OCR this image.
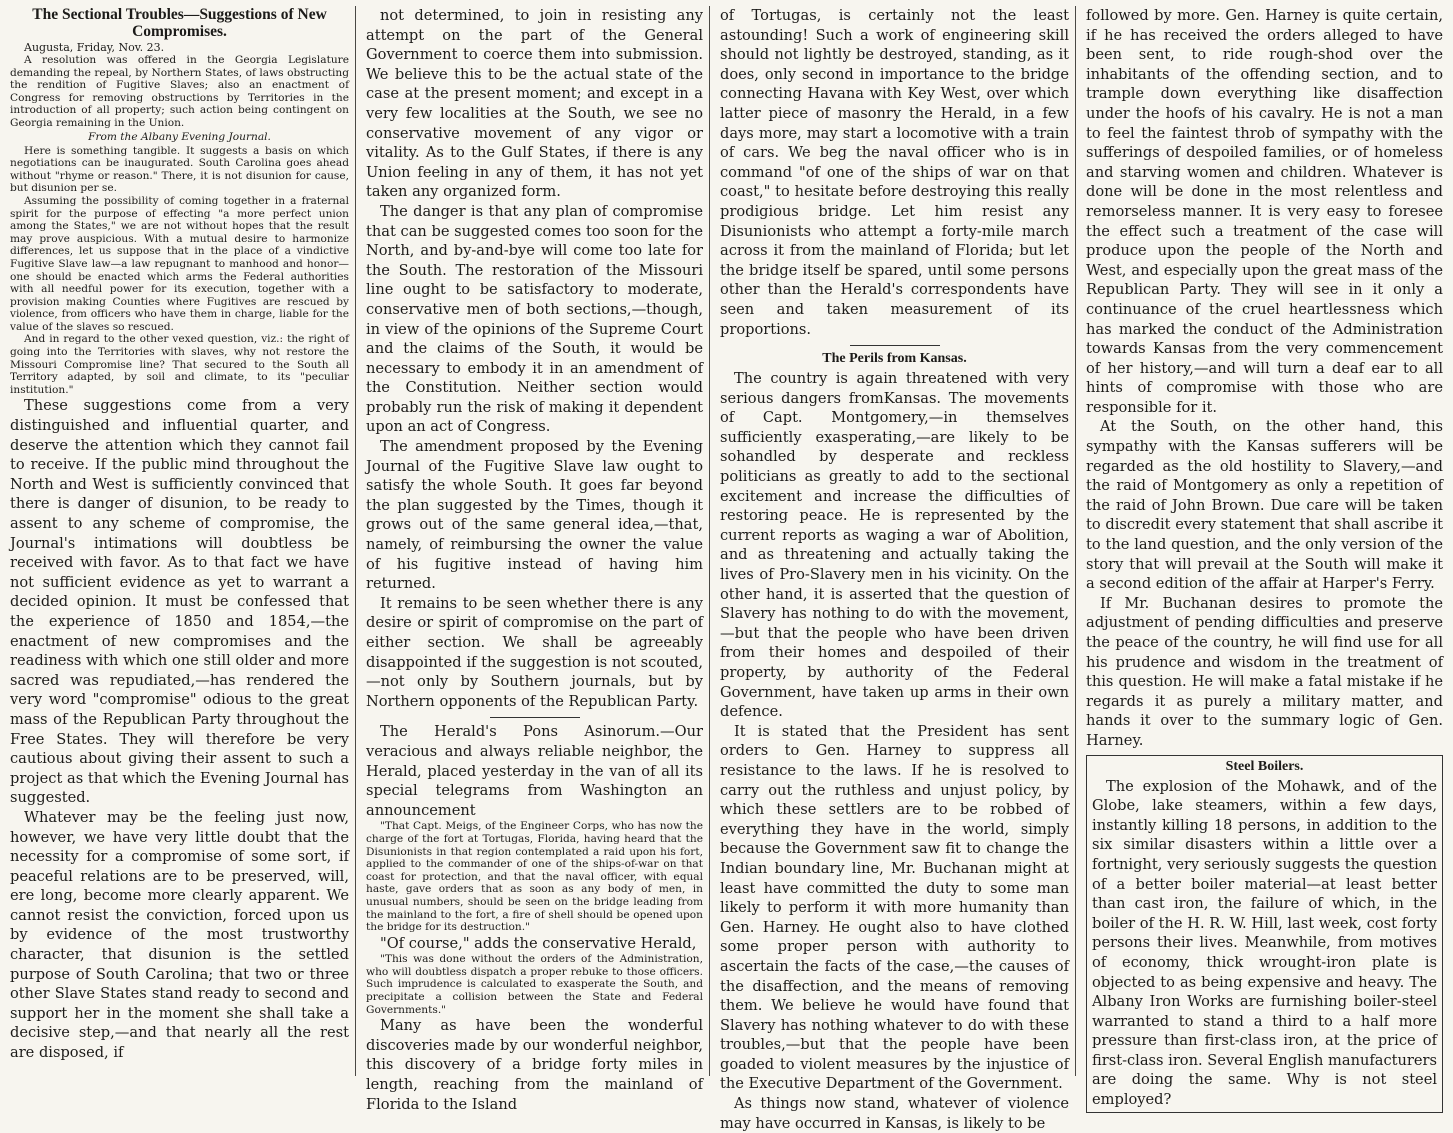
The Sectional Troubles—Suggestions of New Compromises.

Augusta, Friday, Nov. 23.

A resolution was offered in the Georgia Legislature demanding the repeal, by Northern States, of laws obstructing the rendition of Fugitive Slaves; also an enactment of Congress for removing obstructions by Territories in the introduction of all property; such action being contingent on Georgia remaining in the Union.

From the Albany Evening Journal.

Here is something tangible. It suggests a basis on which negotiations can be inaugurated. South Carolina goes ahead without "rhyme or reason." There, it is not disunion for cause, but disunion per se.

Assuming the possibility of coming together in a fraternal spirit for the purpose of effecting "a more perfect union among the States," we are not without hopes that the result may prove auspicious. With a mutual desire to harmonize differences, let us suppose that in the place of a vindictive Fugitive Slave law—a law repugnant to manhood and honor—one should be enacted which arms the Federal authorities with all needful power for its execution, together with a provision making Counties where Fugitives are rescued by violence, from officers who have them in charge, liable for the value of the slaves so rescued.

And in regard to the other vexed question, viz.: the right of going into the Territories with slaves, why not restore the Missouri Compromise line? That secured to the South all Territory adapted, by soil and climate, to its "peculiar institution."

These suggestions come from a very distinguished and influential quarter, and deserve the attention which they cannot fail to receive. If the public mind throughout the North and West is sufficiently convinced that there is danger of disunion, to be ready to assent to any scheme of compromise, the Journal's intimations will doubtless be received with favor. As to that fact we have not sufficient evidence as yet to warrant a decided opinion. It must be confessed that the experience of 1850 and 1854,—the enactment of new compromises and the readiness with which one still older and more sacred was repudiated,—has rendered the very word "compromise" odious to the great mass of the Republican Party throughout the Free States. They will therefore be very cautious about giving their assent to such a project as that which the Evening Journal has suggested.

Whatever may be the feeling just now, however, we have very little doubt that the necessity for a compromise of some sort, if peaceful relations are to be preserved, will, ere long, become more clearly apparent. We cannot resist the conviction, forced upon us by evidence of the most trustworthy character, that disunion is the settled purpose of South Carolina; that two or three other Slave States stand ready to second and support her in the moment she shall take a decisive step,—and that nearly all the rest are disposed, if

not determined, to join in resisting any attempt on the part of the General Government to coerce them into submission. We believe this to be the actual state of the case at the present moment; and except in a very few localities at the South, we see no conservative movement of any vigor or vitality. As to the Gulf States, if there is any Union feeling in any of them, it has not yet taken any organized form.

The danger is that any plan of compromise that can be suggested comes too soon for the North, and by-and-bye will come too late for the South. The restoration of the Missouri line ought to be satisfactory to moderate, conservative men of both sections,—though, in view of the opinions of the Supreme Court and the claims of the South, it would be necessary to embody it in an amendment of the Constitution. Neither section would probably run the risk of making it dependent upon an act of Congress.

The amendment proposed by the Evening Journal of the Fugitive Slave law ought to satisfy the whole South. It goes far beyond the plan suggested by the Times, though it grows out of the same general idea,—that, namely, of reimbursing the owner the value of his fugitive instead of having him returned.

It remains to be seen whether there is any desire or spirit of compromise on the part of either section. We shall be agreeably disappointed if the suggestion is not scouted,—not only by Southern journals, but by Northern opponents of the Republican Party.

The Herald's Pons Asinorum.—Our veracious and always reliable neighbor, the Herald, placed yesterday in the van of all its special telegrams from Washington an announcement

"That Capt. Meigs, of the Engineer Corps, who has now the charge of the fort at Tortugas, Florida, having heard that the Disunionists in that region contemplated a raid upon his fort, applied to the commander of one of the ships-of-war on that coast for protection, and that the naval officer, with equal haste, gave orders that as soon as any body of men, in unusual numbers, should be seen on the bridge leading from the mainland to the fort, a fire of shell should be opened upon the bridge for its destruction."

"Of course," adds the conservative Herald,

"This was done without the orders of the Administration, who will doubtless dispatch a proper rebuke to those officers. Such imprudence is calculated to exasperate the South, and precipitate a collision between the State and Federal Governments."

Many as have been the wonderful discoveries made by our wonderful neighbor, this discovery of a bridge forty miles in length, reaching from the mainland of Florida to the Island

of Tortugas, is certainly not the least astounding! Such a work of engineering skill should not lightly be destroyed, standing, as it does, only second in importance to the bridge connecting Havana with Key West, over which latter piece of masonry the Herald, in a few days more, may start a locomotive with a train of cars. We beg the naval officer who is in command "of one of the ships of war on that coast," to hesitate before destroying this really prodigious bridge. Let him resist any Disunionists who attempt a forty-mile march across it from the mainland of Florida; but let the bridge itself be spared, until some persons other than the Herald's correspondents have seen and taken measurement of its proportions.

The Perils from Kansas.

The country is again threatened with very serious dangers fromKansas. The movements of Capt. Montgomery,—in themselves sufficiently exasperating,—are likely to be sohandled by desperate and reckless politicians as greatly to add to the sectional excitement and increase the difficulties of restoring peace. He is represented by the current reports as waging a war of Abolition, and as threatening and actually taking the lives of Pro-Slavery men in his vicinity. On the other hand, it is asserted that the question of Slavery has nothing to do with the movement,—but that the people who have been driven from their homes and despoiled of their property, by authority of the Federal Government, have taken up arms in their own defence.

It is stated that the President has sent orders to Gen. Harney to suppress all resistance to the laws. If he is resolved to carry out the ruthless and unjust policy, by which these settlers are to be robbed of everything they have in the world, simply because the Government saw fit to change the Indian boundary line, Mr. Buchanan might at least have committed the duty to some man likely to perform it with more humanity than Gen. Harney. He ought also to have clothed some proper person with authority to ascertain the facts of the case,—the causes of the disaffection, and the means of removing them. We believe he would have found that Slavery has nothing whatever to do with these troubles,—but that the people have been goaded to violent measures by the injustice of the Executive Department of the Government.

As things now stand, whatever of violence may have occurred in Kansas, is likely to be

followed by more. Gen. Harney is quite certain, if he has received the orders alleged to have been sent, to ride rough-shod over the inhabitants of the offending section, and to trample down everything like disaffection under the hoofs of his cavalry. He is not a man to feel the faintest throb of sympathy with the sufferings of despoiled families, or of homeless and starving women and children. Whatever is done will be done in the most relentless and remorseless manner. It is very easy to foresee the effect such a treatment of the case will produce upon the people of the North and West, and especially upon the great mass of the Republican Party. They will see in it only a continuance of the cruel heartlessness which has marked the conduct of the Administration towards Kansas from the very commencement of her history,—and will turn a deaf ear to all hints of compromise with those who are responsible for it.

At the South, on the other hand, this sympathy with the Kansas sufferers will be regarded as the old hostility to Slavery,—and the raid of Montgomery as only a repetition of the raid of John Brown. Due care will be taken to discredit every statement that shall ascribe it to the land question, and the only version of the story that will prevail at the South will make it a second edition of the affair at Harper's Ferry.

If Mr. Buchanan desires to promote the adjustment of pending difficulties and preserve the peace of the country, he will find use for all his prudence and wisdom in the treatment of this question. He will make a fatal mistake if he regards it as purely a military matter, and hands it over to the summary logic of Gen. Harney.

Steel Boilers.

The explosion of the Mohawk, and of the Globe, lake steamers, within a few days, instantly killing 18 persons, in addition to the six similar disasters within a little over a fortnight, very seriously suggests the question of a better boiler material—at least better than cast iron, the failure of which, in the boiler of the H. R. W. Hill, last week, cost forty persons their lives. Meanwhile, from motives of economy, thick wrought-iron plate is objected to as being expensive and heavy. The Albany Iron Works are furnishing boiler-steel warranted to stand a third to a half more pressure than first-class iron, at the price of first-class iron. Several English manufacturers are doing the same. Why is not steel employed?
